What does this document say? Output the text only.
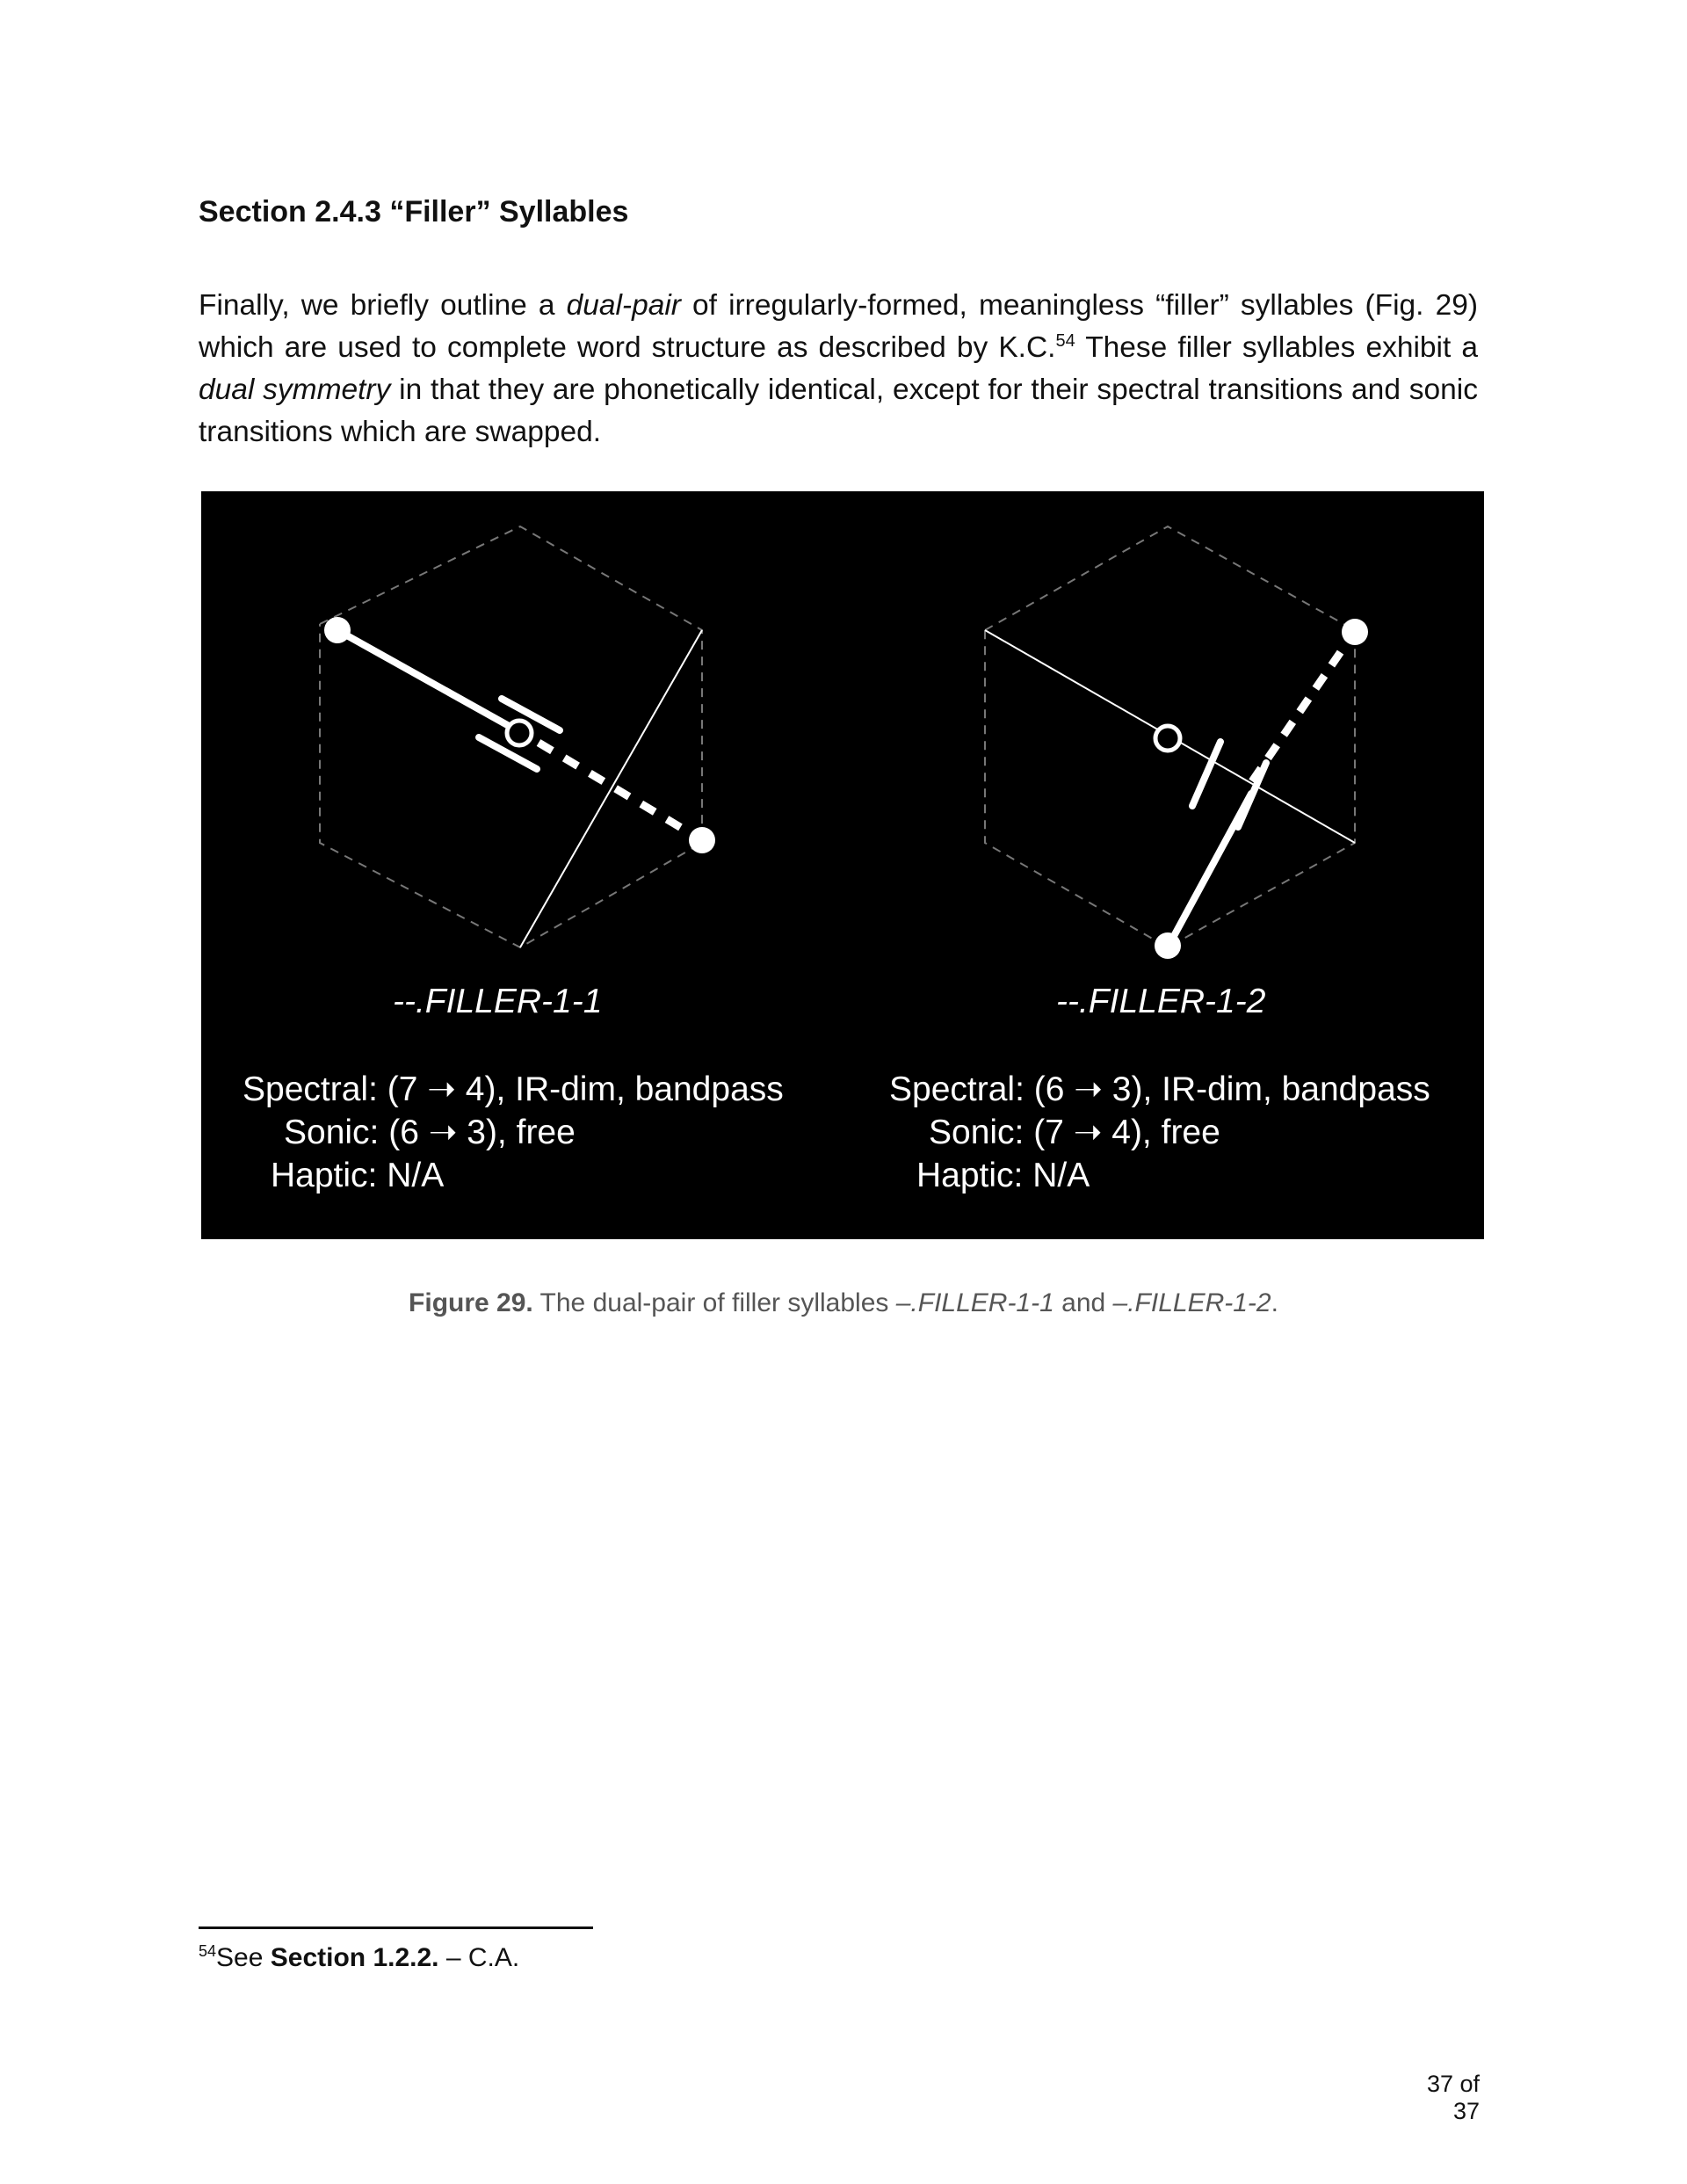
Section 2.4.3 “Filler” Syllables

Finally, we briefly outline a dual-pair of irregularly-formed, meaningless “filler” syllables (Fig. 29) which are used to complete word structure as described by K.C.$^{54}$ These filler syllables exhibit a dual symmetry in that they are phonetically identical, except for their spectral transitions and sonic transitions which are swapped.

--.FILLER-1-1
Spectral: (7 ➝ 4), IR-dim, bandpass
Sonic: (6 ➝ 3), free
Haptic: N/A
--.FILLER-1-2
Spectral: (6 ➝ 3), IR-dim, bandpass
Sonic: (7 ➝ 4), free
Haptic: N/A
Figure 29. The dual-pair of filler syllables –.FILLER-1-1 and –.FILLER-1-2.
$^{54}$See Section 1.2.2. – C.A.
37 of 37
